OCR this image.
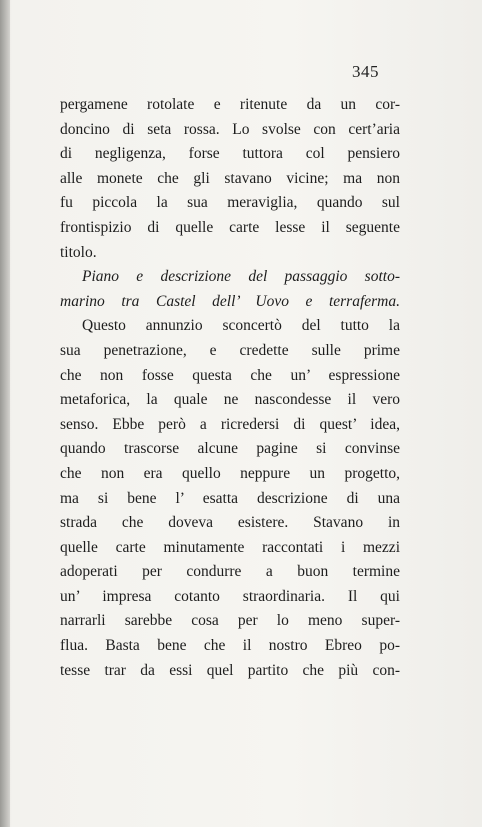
345
pergamene rotolate e ritenute da un cor-
doncino di seta rossa. Lo svolse con cert’aria
di negligenza, forse tuttora col pensiero
alle monete che gli stavano vicine; ma non
fu piccola la sua meraviglia, quando sul
frontispizio di quelle carte lesse il seguente
titolo.
Piano e descrizione del passaggio sotto-
marino tra Castel dell’ Uovo e terraferma.
Questo annunzio sconcertò del tutto la
sua penetrazione, e credette sulle prime
che non fosse questa che un’ espressione
metaforica, la quale ne nascondesse il vero
senso. Ebbe però a ricredersi di quest’ idea,
quando trascorse alcune pagine si convinse
che non era quello neppure un progetto,
ma si bene l’ esatta descrizione di una
strada che doveva esistere. Stavano in
quelle carte minutamente raccontati i mezzi
adoperati per condurre a buon termine
un’ impresa cotanto straordinaria. Il qui
narrarli sarebbe cosa per lo meno super-
flua. Basta bene che il nostro Ebreo po-
tesse trar da essi quel partito che più con-
